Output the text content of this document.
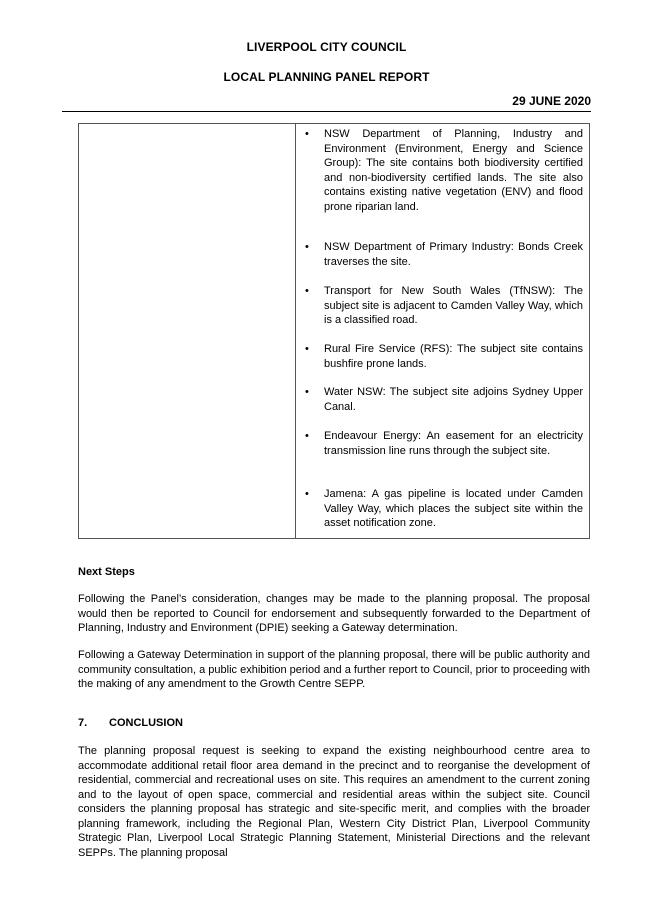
LIVERPOOL CITY COUNCIL
LOCAL PLANNING PANEL REPORT
29 JUNE 2020
• NSW Department of Planning, Industry and Environment (Environment, Energy and Science Group): The site contains both biodiversity certified and non-biodiversity certified lands. The site also contains existing native vegetation (ENV) and flood prone riparian land.
• NSW Department of Primary Industry: Bonds Creek traverses the site.
• Transport for New South Wales (TfNSW): The subject site is adjacent to Camden Valley Way, which is a classified road.
• Rural Fire Service (RFS): The subject site contains bushfire prone lands.
• Water NSW: The subject site adjoins Sydney Upper Canal.
• Endeavour Energy: An easement for an electricity transmission line runs through the subject site.
• Jamena: A gas pipeline is located under Camden Valley Way, which places the subject site within the asset notification zone.
Next Steps
Following the Panel’s consideration, changes may be made to the planning proposal. The proposal would then be reported to Council for endorsement and subsequently forwarded to the Department of Planning, Industry and Environment (DPIE) seeking a Gateway determination.
Following a Gateway Determination in support of the planning proposal, there will be public authority and community consultation, a public exhibition period and a further report to Council, prior to proceeding with the making of any amendment to the Growth Centre SEPP.
7. CONCLUSION
The planning proposal request is seeking to expand the existing neighbourhood centre area to accommodate additional retail floor area demand in the precinct and to reorganise the development of residential, commercial and recreational uses on site. This requires an amendment to the current zoning and to the layout of open space, commercial and residential areas within the subject site. Council considers the planning proposal has strategic and site-specific merit, and complies with the broader planning framework, including the Regional Plan, Western City District Plan, Liverpool Community Strategic Plan, Liverpool Local Strategic Planning Statement, Ministerial Directions and the relevant SEPPs. The planning proposal
